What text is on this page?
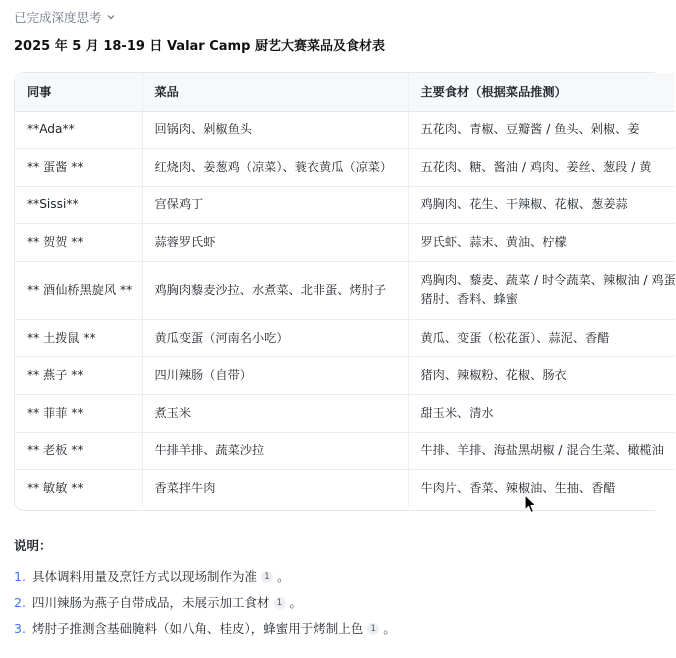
已完成深度思考
2025 年 5 月 18-19 日 Valar Camp 厨艺大赛菜品及食材表
同事	菜品	主要食材（根据菜品推测）
**Ada**	回锅肉、剁椒鱼头	五花肉、青椒、豆瓣酱 / 鱼头、剁椒、姜
** 蛋酱 **	红烧肉、姜葱鸡（凉菜）、蓑衣黄瓜（凉菜）	五花肉、糖、酱油 / 鸡肉、姜丝、葱段 / 黄
**Sissi**	宫保鸡丁	鸡胸肉、花生、干辣椒、花椒、葱姜蒜
** 贺贺 **	蒜蓉罗氏虾	罗氏虾、蒜末、黄油、柠檬
** 酒仙桥黑旋风 **	鸡胸肉藜麦沙拉、水煮菜、北非蛋、烤肘子	鸡胸肉、藜麦、蔬菜 / 时令蔬菜、辣椒油 / 鸡蛋
猪肘、香料、蜂蜜

** 土拨鼠 **	黄瓜变蛋（河南名小吃）	黄瓜、变蛋（松花蛋）、蒜泥、香醋
** 燕子 **	四川辣肠（自带）	猪肉、辣椒粉、花椒、肠衣
** 菲菲 **	煮玉米	甜玉米、清水
** 老板 **	牛排羊排、蔬菜沙拉	牛排、羊排、海盐黑胡椒 / 混合生菜、橄榄油
** 敏敏 **	香菜拌牛肉	牛肉片、香菜、辣椒油、生抽、香醋
说明：
1. 具体调料用量及烹饪方式以现场制作为准 1 。
2. 四川辣肠为燕子自带成品，未展示加工食材 1 。
3. 烤肘子推测含基础腌料（如八角、桂皮），蜂蜜用于烤制上色 1 。
